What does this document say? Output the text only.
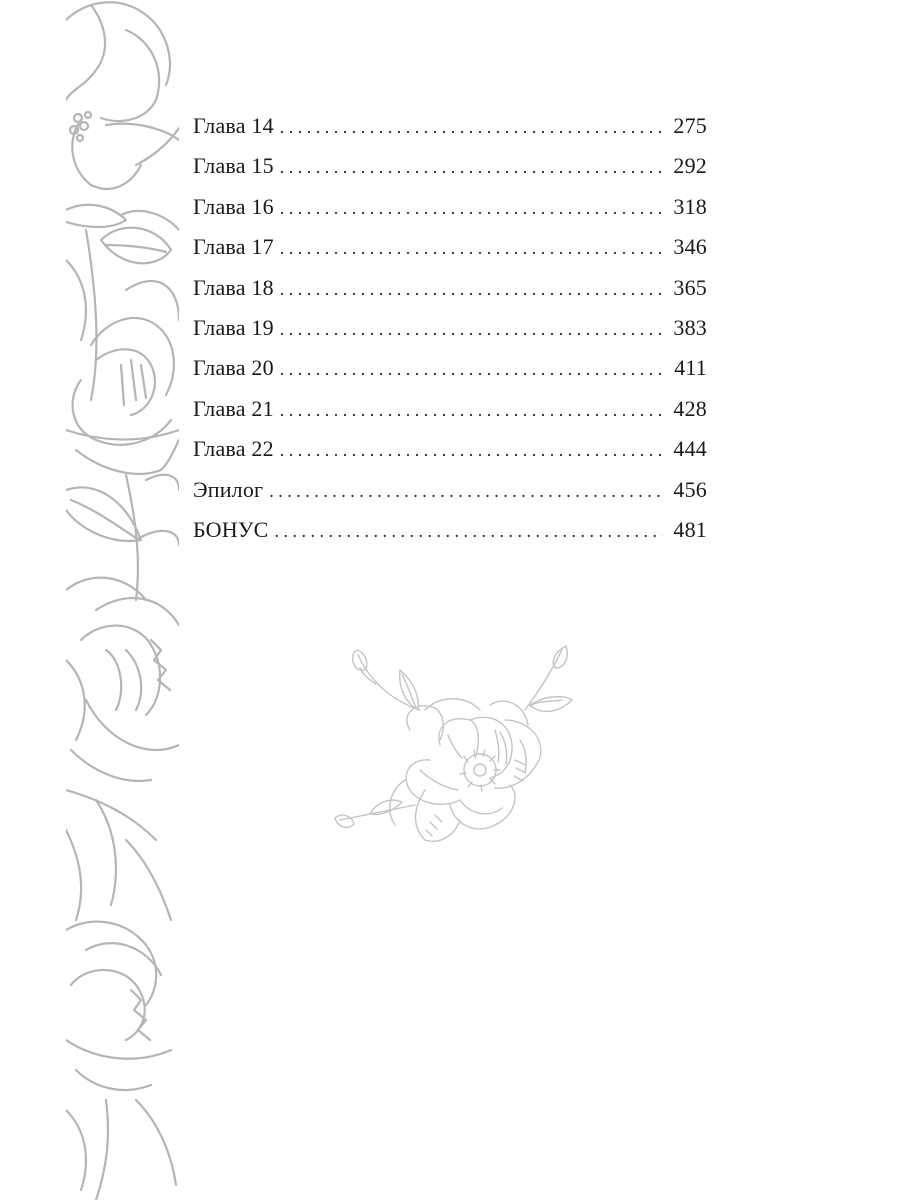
Глава 14 . . .	275
Глава 15 . . .	292
Глава 16 . . .	318
Глава 17 . . .	346
Глава 18 . . .	365
Глава 19 . . .	383
Глава 20 . . .	411
Глава 21 . . .	428
Глава 22 . . .	444
Эпилог . . .	456
БОНУС . . .	481
